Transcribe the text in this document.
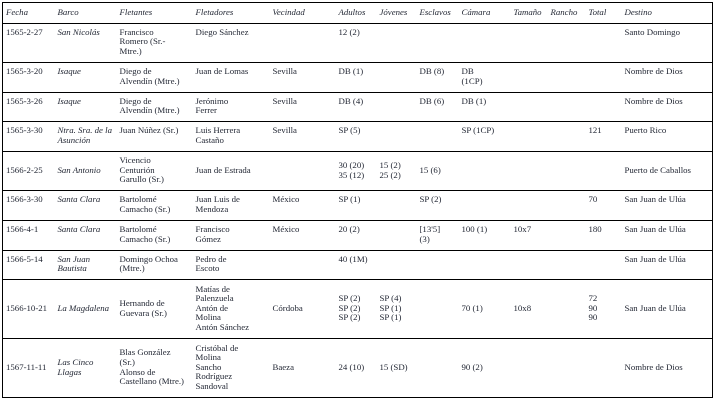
Fecha	Barco	Fletantes	Fletadores	Vecindad	Adultos	Jóvenes	Esclavos	Cámara	Tamaño	Rancho	Total	Destino
1565-2-27	San Nicolás	Francisco
Romero (Sr.-
Mtre.)	Diego Sánchez		12 (2)							Santo Domingo
1565-3-20	Isaque	Diego de
Alvendín (Mtre.)	Juan de Lomas	Sevilla	DB (1)		DB (8)	DB
(1CP)				Nombre de Dios
1565-3-26	Isaque	Diego de
Alvendín (Mtre.)	Jerónimo
Ferrer	Sevilla	DB (4)		DB (6)	DB (1)				Nombre de Dios
1565-3-30	Ntra. Sra. de la
Asunción	Juan Núñez (Sr.)	Luis Herrera
Castaño	Sevilla	SP (5)			SP (1CP)			121	Puerto Rico
1566-2-25	San Antonio	Vicencio
Centurión
Garullo (Sr.)	Juan de Estrada		30 (20)
35 (12)	15 (2)
25 (2)	15 (6)					Puerto de Caballos
1566-3-30	Santa Clara	Bartolomé
Camacho (Sr.)	Juan Luis de
Mendoza	México	SP (1)		SP (2)				70	San Juan de Ulúa
1566-4-1	Santa Clara	Bartolomé
Camacho (Sr.)	Francisco
Gómez	México	20 (2)		[13'5]
(3)	100 (1)	10x7		180	San Juan de Ulúa
1566-5-14	San Juan
Bautista	Domingo Ochoa
(Mtre.)	Pedro de
Escoto		40 (1M)							San Juan de Ulúa
1566-10-21	La Magdalena	Hernando de
Guevara (Sr.)	Matías de
Palenzuela
Antón de
Molina
Antón Sánchez	Córdoba	SP (2)
SP (2)
SP (2)	SP (4)
SP (1)
SP (1)		70 (1)	10x8		72
90
90	San Juan de Ulúa
1567-11-11	Las Cinco
Llagas	Blas González
(Sr.)
Alonso de
Castellano (Mtre.)	Cristóbal de
Molina
Sancho
Rodríguez
Sandoval	Baeza	24 (10)	15 (SD)		90 (2)				Nombre de Dios
